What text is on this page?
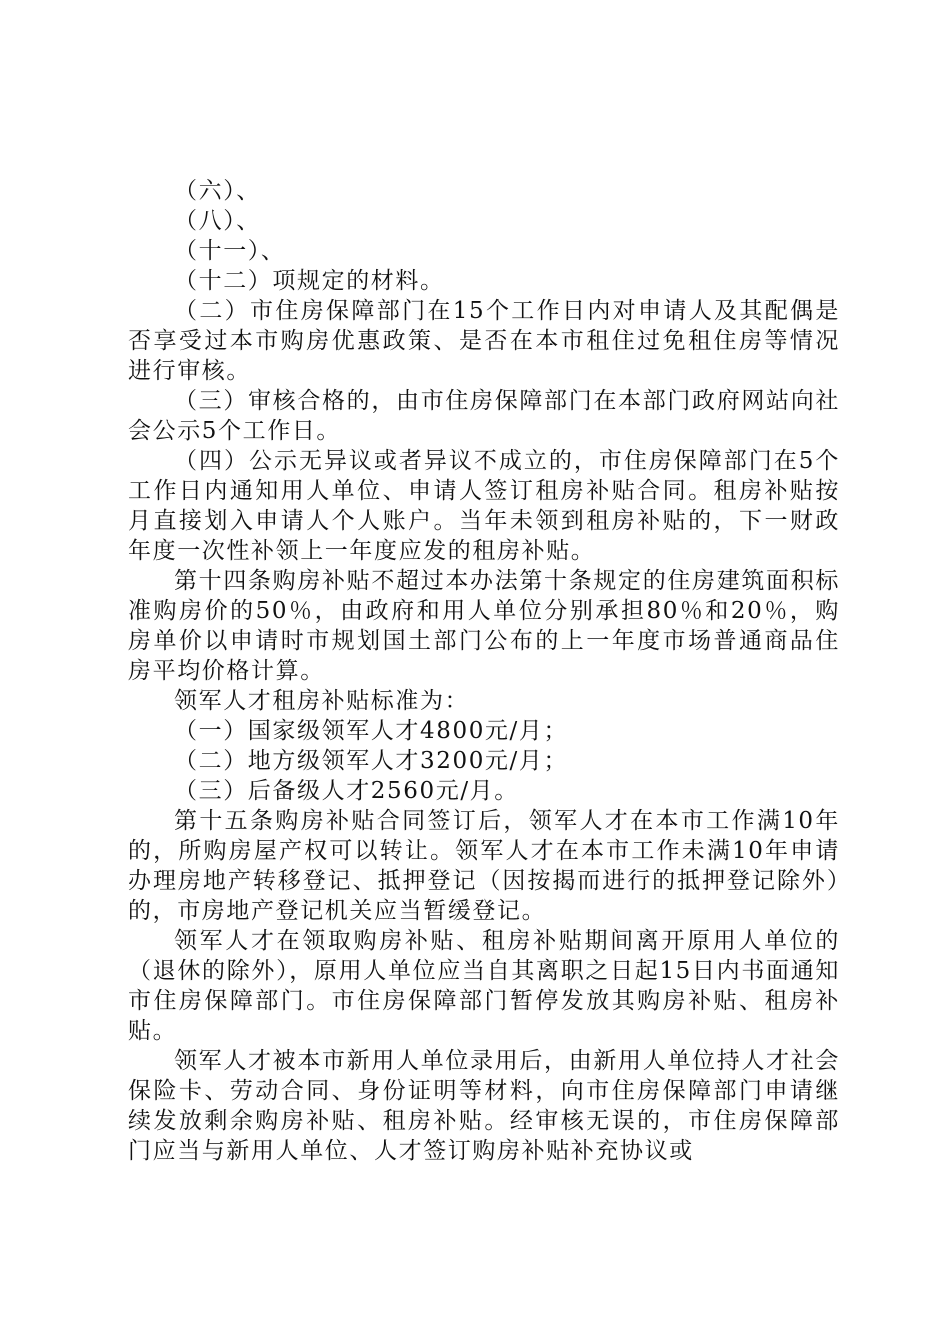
（六）、

（八）、

（十一）、

（十二）项规定的材料。

（二）市住房保障部门在15个工作日内对申请人及其配偶是否享受过本市购房优惠政策、是否在本市租住过免租住房等情况进行审核。

（三）审核合格的，由市住房保障部门在本部门政府网站向社会公示5个工作日。

（四）公示无异议或者异议不成立的，市住房保障部门在5个工作日内通知用人单位、申请人签订租房补贴合同。租房补贴按月直接划入申请人个人账户。当年未领到租房补贴的，下一财政年度一次性补领上一年度应发的租房补贴。

第十四条购房补贴不超过本办法第十条规定的住房建筑面积标准购房价的50％，由政府和用人单位分别承担80％和20％，购房单价以申请时市规划国土部门公布的上一年度市场普通商品住房平均价格计算。

领军人才租房补贴标准为：

（一）国家级领军人才4800元/月；

（二）地方级领军人才3200元/月；

（三）后备级人才2560元/月。

第十五条购房补贴合同签订后，领军人才在本市工作满10年的，所购房屋产权可以转让。领军人才在本市工作未满10年申请办理房地产转移登记、抵押登记（因按揭而进行的抵押登记除外）的，市房地产登记机关应当暂缓登记。

领军人才在领取购房补贴、租房补贴期间离开原用人单位的（退休的除外），原用人单位应当自其离职之日起15日内书面通知市住房保障部门。市住房保障部门暂停发放其购房补贴、租房补贴。

领军人才被本市新用人单位录用后，由新用人单位持人才社会保险卡、劳动合同、身份证明等材料，向市住房保障部门申请继续发放剩余购房补贴、租房补贴。经审核无误的，市住房保障部门应当与新用人单位、人才签订购房补贴补充协议或
